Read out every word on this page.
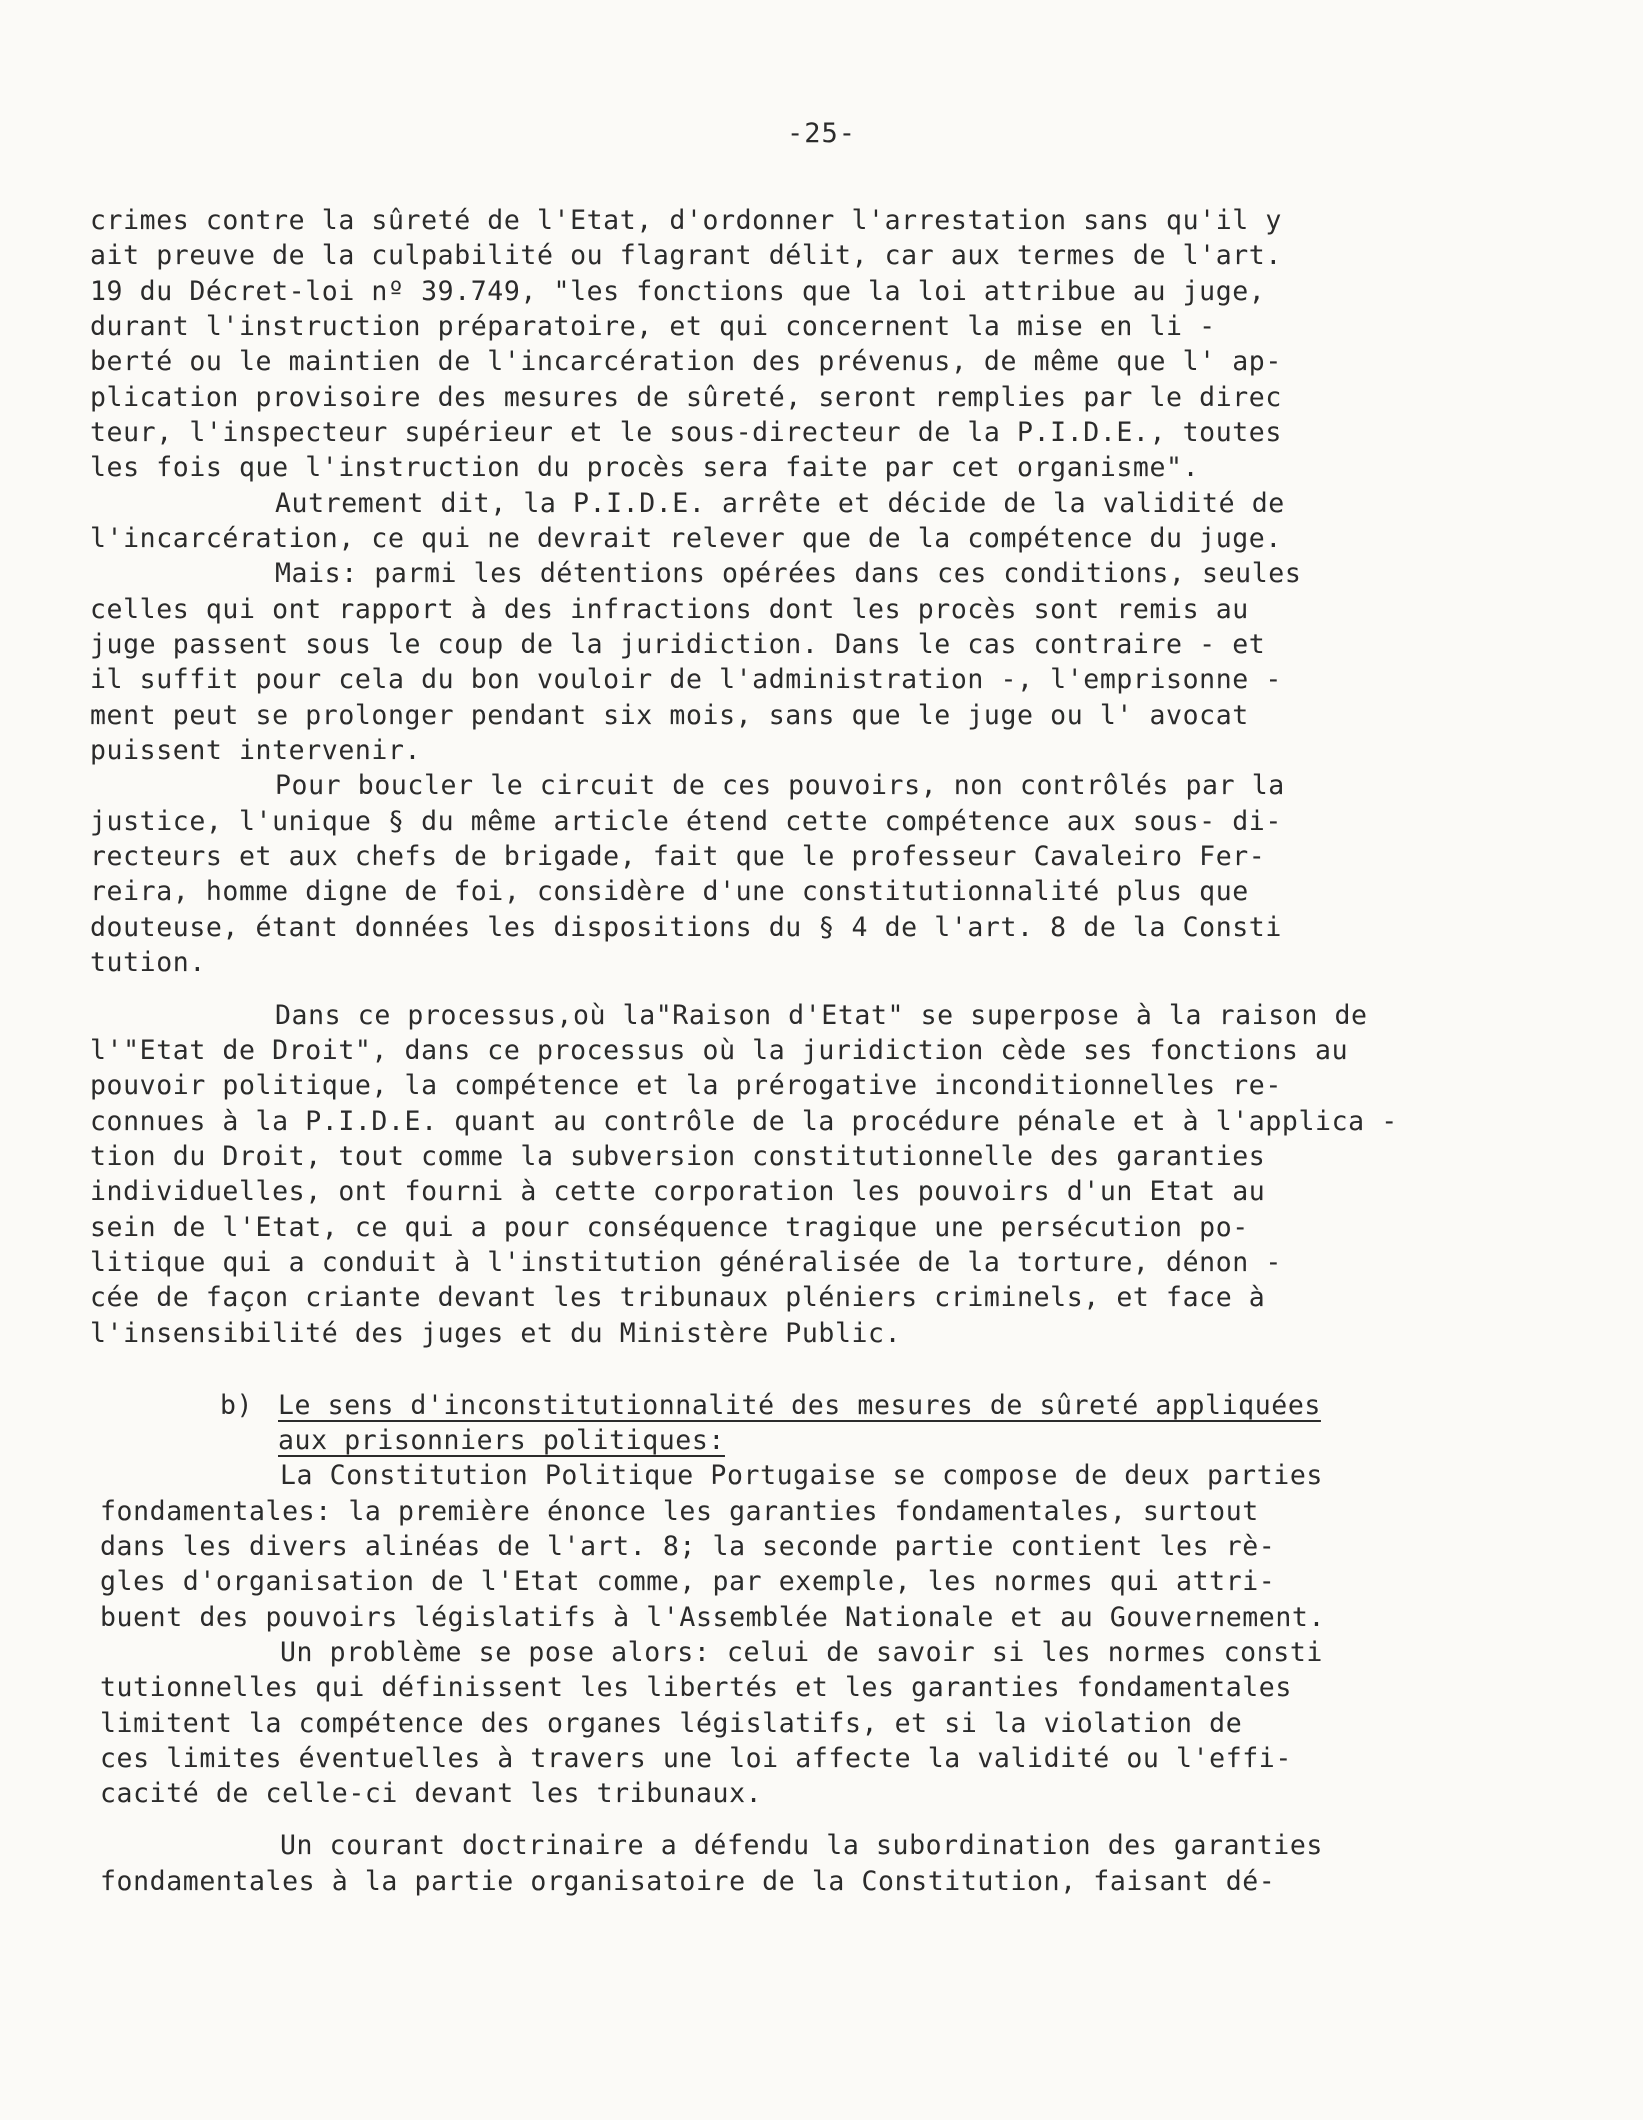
-25-
crimes contre la sûreté de l'Etat, d'ordonner l'arrestation sans qu'il y
ait preuve de la culpabilité ou flagrant délit, car aux termes de l'art.
19 du Décret-loi nº 39.749, "les fonctions que la loi attribue au juge,
durant l'instruction préparatoire, et qui concernent la mise en li -
berté ou le maintien de l'incarcération des prévenus, de même que l' ap-
plication provisoire des mesures de sûreté, seront remplies par le direc
teur, l'inspecteur supérieur et le sous-directeur de la P.I.D.E., toutes
les fois que l'instruction du procès sera faite par cet organisme".
Autrement dit, la P.I.D.E. arrête et décide de la validité de
l'incarcération, ce qui ne devrait relever que de la compétence du juge.
Mais: parmi les détentions opérées dans ces conditions, seules
celles qui ont rapport à des infractions dont les procès sont remis au
juge passent sous le coup de la juridiction. Dans le cas contraire - et
il suffit pour cela du bon vouloir de l'administration -, l'emprisonne -
ment peut se prolonger pendant six mois, sans que le juge ou l' avocat
puissent intervenir.
Pour boucler le circuit de ces pouvoirs, non contrôlés par la
justice, l'unique § du même article étend cette compétence aux sous- di-
recteurs et aux chefs de brigade, fait que le professeur Cavaleiro Fer-
reira, homme digne de foi, considère d'une constitutionnalité plus que
douteuse, étant données les dispositions du § 4 de l'art. 8 de la Consti
tution.
Dans ce processus,où la"Raison d'Etat" se superpose à la raison de
l'"Etat de Droit", dans ce processus où la juridiction cède ses fonctions au
pouvoir politique, la compétence et la prérogative inconditionnelles re-
connues à la P.I.D.E. quant au contrôle de la procédure pénale et à l'applica -
tion du Droit, tout comme la subversion constitutionnelle des garanties
individuelles, ont fourni à cette corporation les pouvoirs d'un Etat au
sein de l'Etat, ce qui a pour conséquence tragique une persécution po-
litique qui a conduit à l'institution généralisée de la torture, dénon -
cée de façon criante devant les tribunaux pléniers criminels, et face à
l'insensibilité des juges et du Ministère Public.
b) Le sens d'inconstitutionnalité des mesures de sûreté appliquées
aux prisonniers politiques:
La Constitution Politique Portugaise se compose de deux parties
fondamentales: la première énonce les garanties fondamentales, surtout
dans les divers alinéas de l'art. 8; la seconde partie contient les rè-
gles d'organisation de l'Etat comme, par exemple, les normes qui attri-
buent des pouvoirs législatifs à l'Assemblée Nationale et au Gouvernement.
Un problème se pose alors: celui de savoir si les normes consti
tutionnelles qui définissent les libertés et les garanties fondamentales
limitent la compétence des organes législatifs, et si la violation de
ces limites éventuelles à travers une loi affecte la validité ou l'effi-
cacité de celle-ci devant les tribunaux.
Un courant doctrinaire a défendu la subordination des garanties
fondamentales à la partie organisatoire de la Constitution, faisant dé-
